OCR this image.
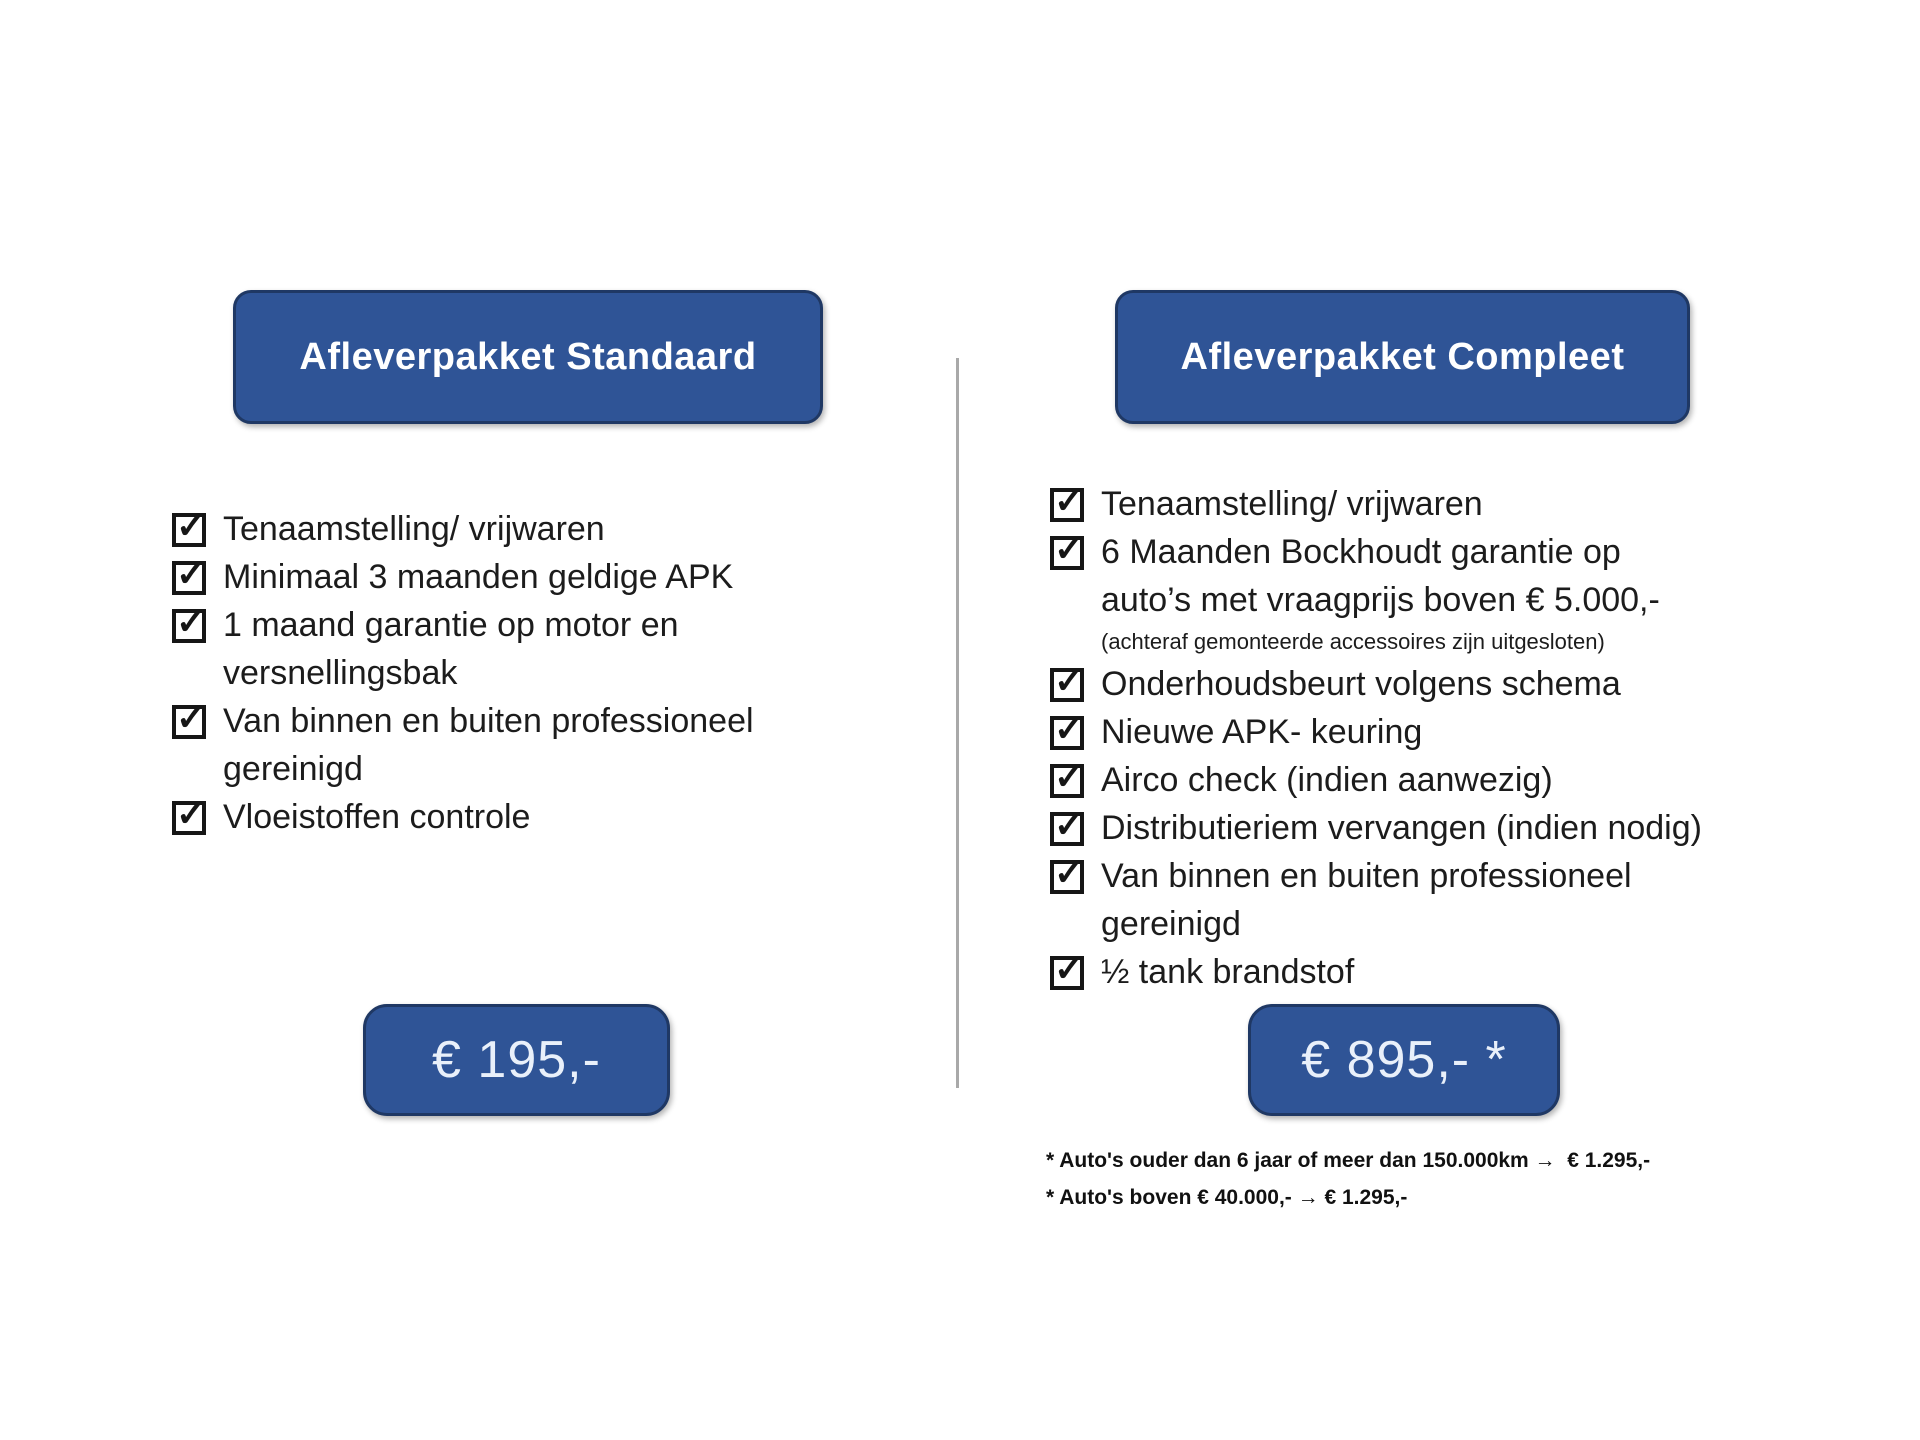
Afleverpakket Standaard
✓ Tenaamstelling/ vrijwaren
✓ Minimaal 3 maanden geldige APK
✓ 1 maand garantie op motor en
versnellingsbak
✓ Van binnen en buiten professioneel
gereinigd
✓ Vloeistoffen controle
€ 195,-
Afleverpakket Compleet
✓ Tenaamstelling/ vrijwaren
✓ 6 Maanden Bockhoudt garantie op
auto’s met vraagprijs boven € 5.000,-
(achteraf gemonteerde accessoires zijn uitgesloten)
✓ Onderhoudsbeurt volgens schema
✓ Nieuwe APK- keuring
✓ Airco check (indien aanwezig)
✓ Distributieriem vervangen (indien nodig)
✓ Van binnen en buiten professioneel
gereinigd
✓ ½ tank brandstof
€ 895,- *
* Auto's ouder dan 6 jaar of meer dan 150.000km →  € 1.295,-
* Auto's boven € 40.000,- → € 1.295,-
